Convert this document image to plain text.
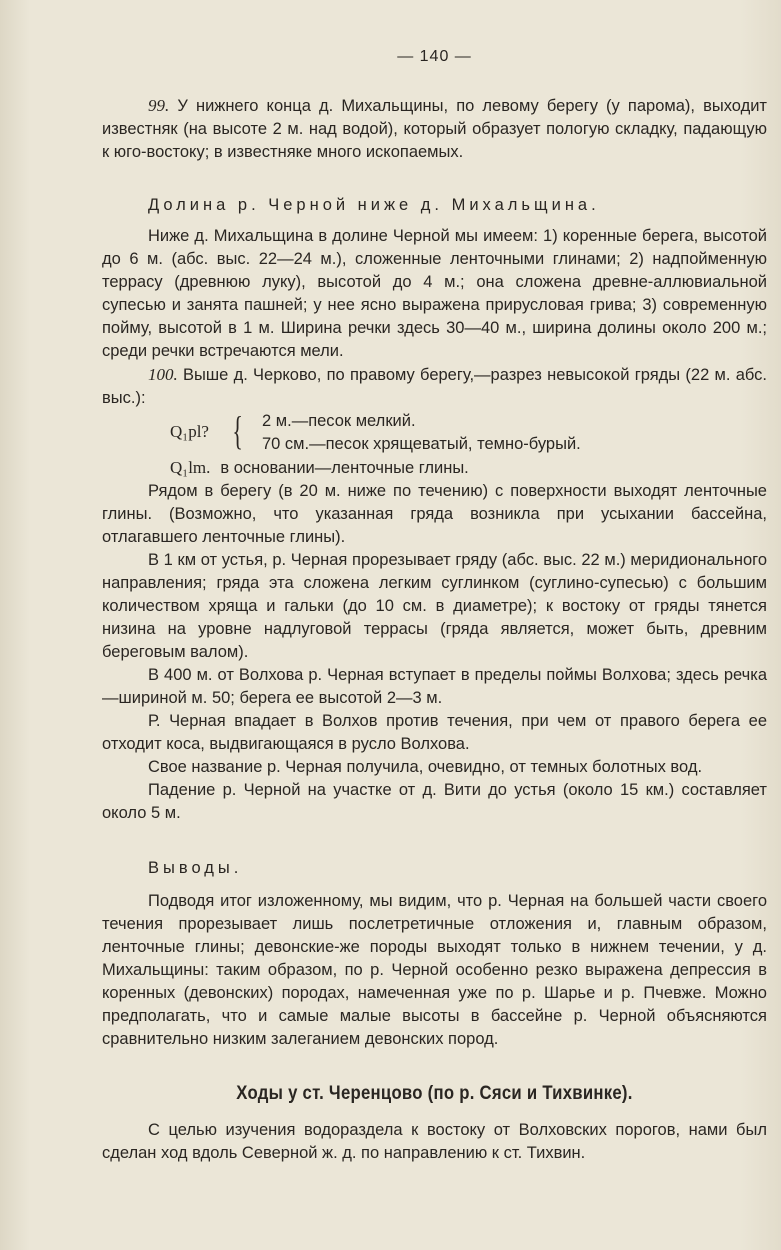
— 140 —

99. У нижнего конца д. Михальщины, по левому берегу (у парома), выходит известняк (на высоте 2 м. над водой), который образует пологую складку, падающую к юго-востоку; в известняке много ископаемых.

Долина р. Черной ниже д. Михальщина.

Ниже д. Михальщина в долине Черной мы имеем: 1) коренные берега, высотой до 6 м. (абс. выс. 22—24 м.), сложенные ленточными глинами; 2) надпойменную террасу (древнюю луку), высотой до 4 м.; она сложена древне-аллювиальной супесью и занята пашней; у нее ясно выражена прирусловая грива; 3) современную пойму, высотой в 1 м. Ширина речки здесь 30—40 м., ширина долины около 200 м.; среди речки встречаются мели.

100. Выше д. Черково, по правому берегу,—разрез невысокой гряды (22 м. абс. выс.):

Q₁pl? { 2 м.—песок мелкий.
70 см.—песок хрящеватый, темно-бурый.
Q₁lm. в основании—ленточные глины.

Рядом в берегу (в 20 м. ниже по течению) с поверхности выходят ленточные глины. (Возможно, что указанная гряда возникла при усыхании бассейна, отлагавшего ленточные глины).

В 1 км от устья, р. Черная прорезывает гряду (абс. выс. 22 м.) меридионального направления; гряда эта сложена легким суглинком (суглино-супесью) с большим количеством хряща и гальки (до 10 см. в диаметре); к востоку от гряды тянется низина на уровне надлуговой террасы (гряда является, может быть, древним береговым валом).

В 400 м. от Волхова р. Черная вступает в пределы поймы Волхова; здесь речка—шириной м. 50; берега ее высотой 2—3 м.

Р. Черная впадает в Волхов против течения, при чем от правого берега ее отходит коса, выдвигающаяся в русло Волхова.

Свое название р. Черная получила, очевидно, от темных болотных вод.

Падение р. Черной на участке от д. Вити до устья (около 15 км.) составляет около 5 м.

Выводы.

Подводя итог изложенному, мы видим, что р. Черная на большей части своего течения прорезывает лишь послетретичные отложения и, главным образом, ленточные глины; девонские-же породы выходят только в нижнем течении, у д. Михальщины: таким образом, по р. Черной особенно резко выражена депрессия в коренных (девонских) породах, намеченная уже по р. Шарье и р. Пчевже. Можно предполагать, что и самые малые высоты в бассейне р. Черной объясняются сравнительно низким залеганием девонских пород.

Ходы у ст. Черенцово (по р. Сяси и Тихвинке).

С целью изучения водораздела к востоку от Волховских порогов, нами был сделан ход вдоль Северной ж. д. по направлению к ст. Тихвин.
